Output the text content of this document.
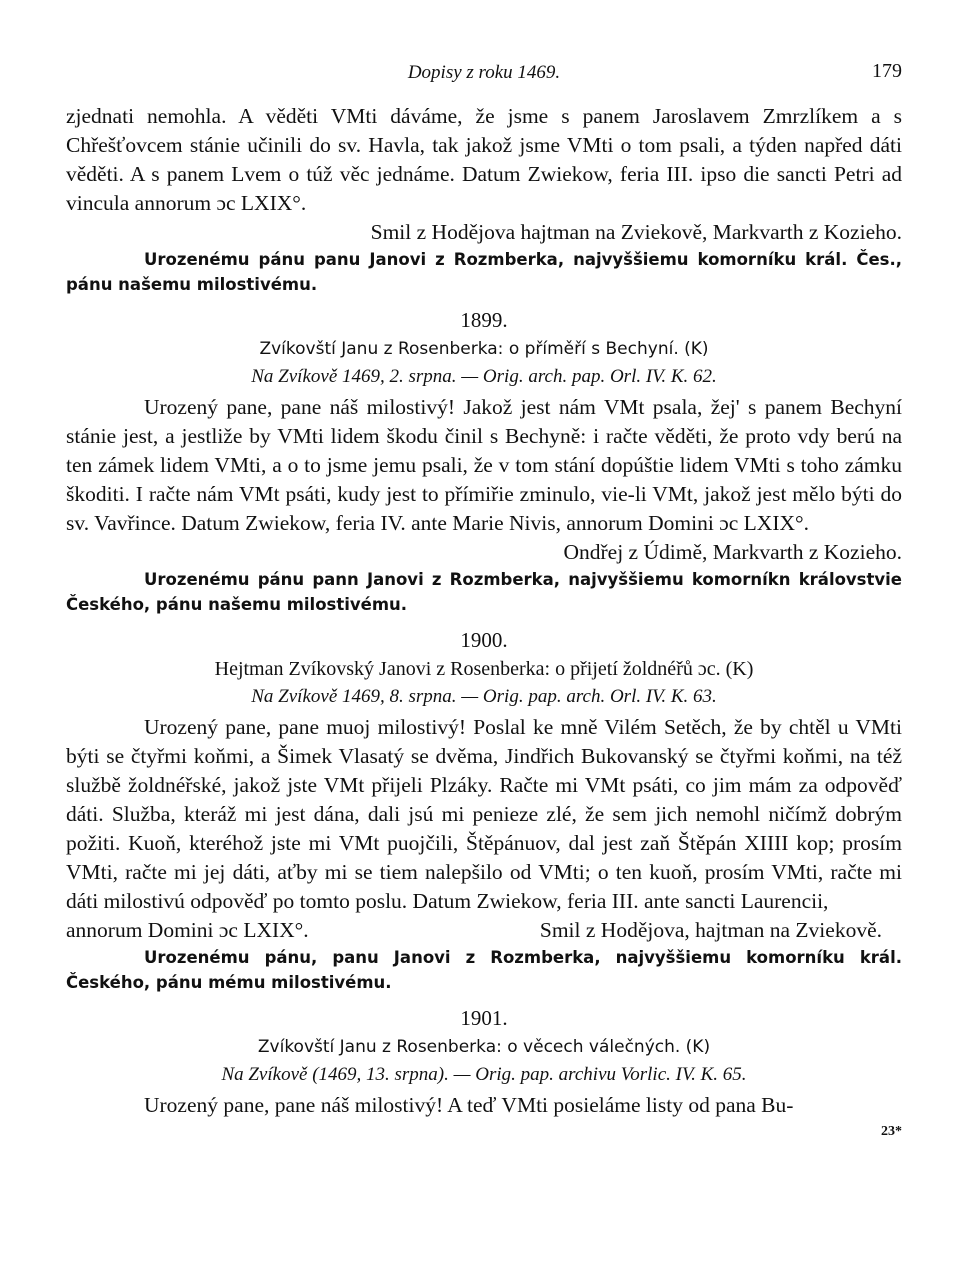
Dopisy z roku 1469.	179

zjednati nemohla. A věděti VMti dáváme, že jsme s panem Jaroslavem Zmrzlíkem a s Chřešťovcem stánie učinili do sv. Havla, tak jakož jsme VMti o tom psali, a týden napřed dáti věděti. A s panem Lvem o túž věc jednáme. Datum Zwiekow, feria III. ipso die sancti Petri ad vincula annorum ɔc LXIX°.

Smil z Hodějova hajtman na Zviekově, Markvarth z Kozieho.

Urozenému pánu panu Janovi z Rozmberka, najvyššiemu komorníku král. Čes., pánu našemu milostivému.

1899.

Zvíkovští Janu z Rosenberka: o příměří s Bechyní. (K)

Na Zvíkově 1469, 2. srpna. — Orig. arch. pap. Orl. IV. K. 62.

Urozený pane, pane náš milostivý! Jakož jest nám VMt psala, žej' s panem Bechyní stánie jest, a jestliže by VMti lidem škodu činil s Bechyně: i račte věděti, že proto vdy berú na ten zámek lidem VMti, a o to jsme jemu psali, že v tom stání dopúštie lidem VMti s toho zámku škoditi. I račte nám VMt psáti, kudy jest to přímiřie zminulo, vie-li VMt, jakož jest mělo býti do sv. Vavřince. Datum Zwiekow, feria IV. ante Marie Nivis, annorum Domini ɔc LXIX°.

Ondřej z Údimě, Markvarth z Kozieho.

Urozenému pánu pann Janovi z Rozmberka, najvyššiemu komorníkn královstvie Českého, pánu našemu milostivému.

1900.

Hejtman Zvíkovský Janovi z Rosenberka: o přijetí žoldnéřů ɔc. (K)

Na Zvíkově 1469, 8. srpna. — Orig. pap. arch. Orl. IV. K. 63.

Urozený pane, pane muoj milostivý! Poslal ke mně Vilém Setěch, že by chtěl u VMti býti se čtyřmi koňmi, a Šimek Vlasatý se dvěma, Jindřich Bukovanský se čtyřmi koňmi, na též službě žoldnéřské, jakož jste VMt přijeli Plzáky. Račte mi VMt psáti, co jim mám za odpověď dáti. Služba, kteráž mi jest dána, dali jsú mi penieze zlé, že sem jich nemohl ničímž dobrým požiti. Kuoň, kteréhož jste mi VMt puojčili, Štěpánuov, dal jest zaň Štěpán XIIII kop; prosím VMti, račte mi jej dáti, aťby mi se tiem nalepšilo od VMti; o ten kuoň, prosím VMti, račte mi dáti milostivú odpověď po tomto poslu. Datum Zwiekow, feria III. ante sancti Laurencii,

annorum Domini ɔc LXIX°.	Smil z Hodějova, hajtman na Zviekově.

Urozenému pánu, panu Janovi z Rozmberka, najvyššiemu komorníku král. Českého, pánu mému milostivému.

1901.

Zvíkovští Janu z Rosenberka: o věcech válečných. (K)

Na Zvíkově (1469, 13. srpna). — Orig. pap. archivu Vorlic. IV. K. 65.

Urozený pane, pane náš milostivý! A teď VMti posieláme listy od pana Bu-

23*
